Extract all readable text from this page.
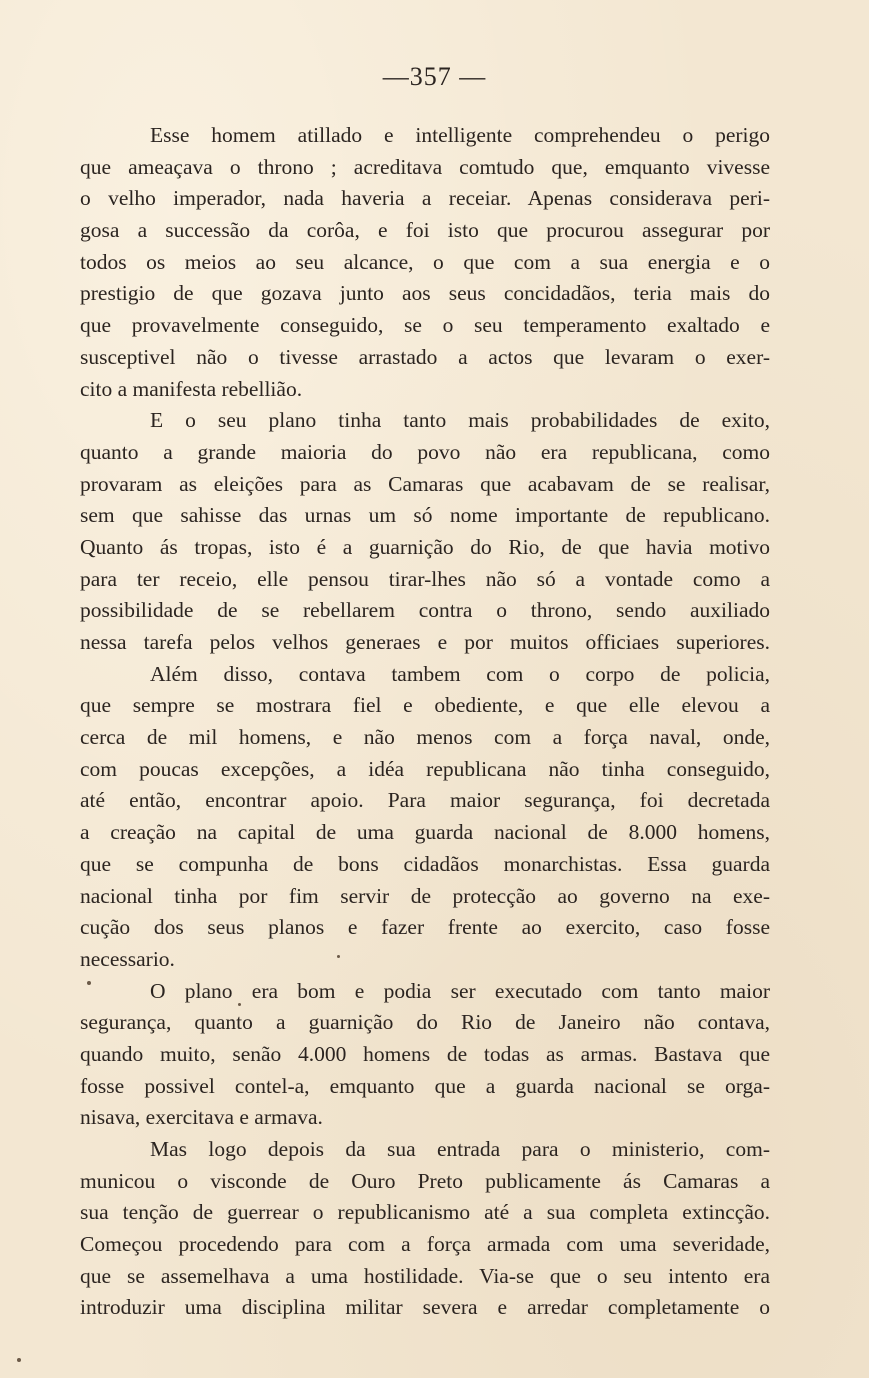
—357 —
Esse homem atillado e intelligente comprehendeu o perigo
que ameaçava o throno ; acreditava comtudo que, emquanto vivesse
o velho imperador, nada haveria a receiar. Apenas considerava peri-
gosa a successão da corôa, e foi isto que procurou assegurar por
todos os meios ao seu alcance, o que com a sua energia e o
prestigio de que gozava junto aos seus concidadãos, teria mais do
que provavelmente conseguido, se o seu temperamento exaltado e
susceptivel não o tivesse arrastado a actos que levaram o exer-
cito a manifesta rebellião.
E o seu plano tinha tanto mais probabilidades de exito,
quanto a grande maioria do povo não era republicana, como
provaram as eleições para as Camaras que acabavam de se realisar,
sem que sahisse das urnas um só nome importante de republicano.
Quanto ás tropas, isto é a guarnição do Rio, de que havia motivo
para ter receio, elle pensou tirar-lhes não só a vontade como a
possibilidade de se rebellarem contra o throno, sendo auxiliado
nessa tarefa pelos velhos generaes e por muitos officiaes superiores.
Além disso, contava tambem com o corpo de policia,
que sempre se mostrara fiel e obediente, e que elle elevou a
cerca de mil homens, e não menos com a força naval, onde,
com poucas excepções, a idéa republicana não tinha conseguido,
até então, encontrar apoio. Para maior segurança, foi decretada
a creação na capital de uma guarda nacional de 8.000 homens,
que se compunha de bons cidadãos monarchistas. Essa guarda
nacional tinha por fim servir de protecção ao governo na exe-
cução dos seus planos e fazer frente ao exercito, caso fosse
necessario.
O plano era bom e podia ser executado com tanto maior
segurança, quanto a guarnição do Rio de Janeiro não contava,
quando muito, senão 4.000 homens de todas as armas. Bastava que
fosse possivel contel-a, emquanto que a guarda nacional se orga-
nisava, exercitava e armava.
Mas logo depois da sua entrada para o ministerio, com-
municou o visconde de Ouro Preto publicamente ás Camaras a
sua tenção de guerrear o republicanismo até a sua completa extincção.
Começou procedendo para com a força armada com uma severidade,
que se assemelhava a uma hostilidade. Via-se que o seu intento era
introduzir uma disciplina militar severa e arredar completamente o
